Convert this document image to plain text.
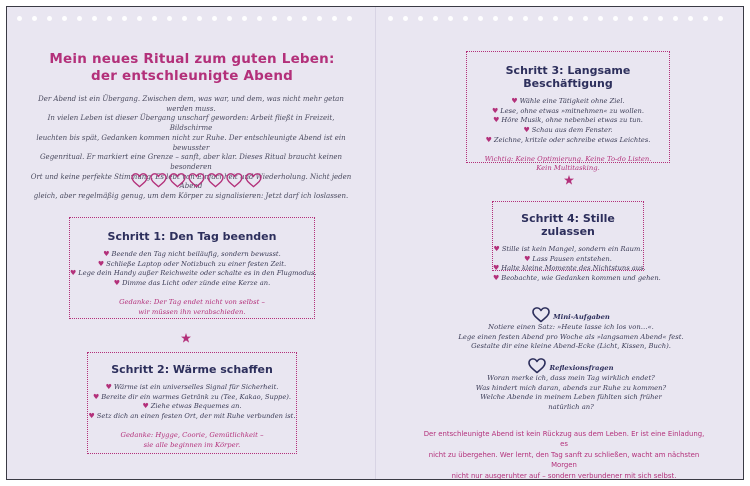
Mein neues Ritual zum guten Leben:
der entschleunigte Abend
Der Abend ist ein Übergang. Zwischen dem, was war, und dem, was nicht mehr getan werden muss.
In vielen Leben ist dieser Übergang unscharf geworden: Arbeit fließt in Freizeit, Bildschirme
leuchten bis spät, Gedanken kommen nicht zur Ruhe. Der entschleunigte Abend ist ein bewusster
Gegenritual. Er markiert eine Grenze – sanft, aber klar. Dieses Ritual braucht keinen besonderen
Ort und keine perfekte Stimmung. Es lebt von Einfachheit und Wiederholung. Nicht jeden Abend
gleich, aber regelmäßig genug, um dem Körper zu signalisieren: Jetzt darf ich loslassen.
Schritt 1: Den Tag beenden
♥ Beende den Tag nicht beiläufig, sondern bewusst.
♥ Schließe Laptop oder Notizbuch zu einer festen Zeit.
♥ Lege dein Handy außer Reichweite oder schalte es in den Flugmodus.
♥ Dimme das Licht oder zünde eine Kerze an.
Gedanke: Der Tag endet nicht von selbst –
wir müssen ihn verabschieden.
Schritt 2: Wärme schaffen
♥ Wärme ist ein universelles Signal für Sicherheit.
♥ Bereite dir ein warmes Getränk zu (Tee, Kakao, Suppe).
♥ Ziehe etwas Bequemes an.
♥ Setz dich an einen festen Ort, der mit Ruhe verbunden ist.
Gedanke: Hygge, Coorie, Gemütlichkeit –
sie alle beginnen im Körper.
Schritt 3: Langsame Beschäftigung
♥ Wähle eine Tätigkeit ohne Ziel.
♥ Lese, ohne etwas »mitnehmen« zu wollen.
♥ Höre Musik, ohne nebenbei etwas zu tun.
♥ Schau aus dem Fenster.
♥ Zeichne, kritzle oder schreibe etwas Leichtes.
Wichtig: Keine Optimierung. Keine To-do Listen.
Kein Multitasking.
Schritt 4: Stille zulassen
♥ Stille ist kein Mangel, sondern ein Raum.
♥ Lass Pausen entstehen.
♥ Halte kleine Momente des Nichtstuns aus.
♥ Beobachte, wie Gedanken kommen und gehen.
Mini-Aufgaben
Notiere einen Satz: »Heute lasse ich los von…«.
Lege einen festen Abend pro Woche als »langsamen Abend« fest.
Gestalte dir eine kleine Abend-Ecke (Licht, Kissen, Buch).
Reflexionsfragen
Woran merke ich, dass mein Tag wirklich endet?
Was hindert mich daran, abends zur Ruhe zu kommen?
Welche Abende in meinem Leben fühlten sich früher natürlich an?
Der entschleunigte Abend ist kein Rückzug aus dem Leben. Er ist eine Einladung, es
nicht zu übergehen. Wer lernt, den Tag sanft zu schließen, wacht am nächsten Morgen
nicht nur ausgeruhter auf – sondern verbundener mit sich selbst.
